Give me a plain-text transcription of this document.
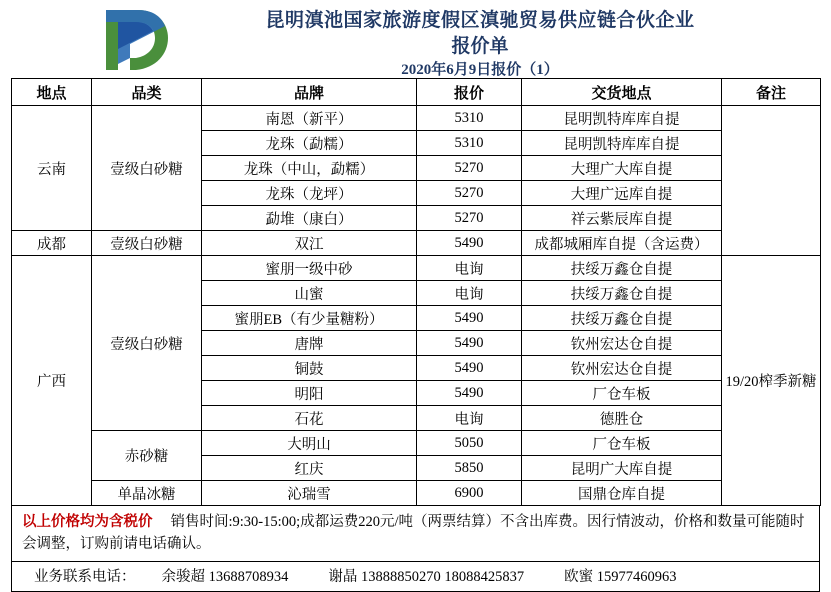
昆明滇池国家旅游度假区滇驰贸易供应链合伙企业
报价单
2020年6月9日报价（1）
地点	品类	品牌	报价	交货地点	备注
云南	壹级白砂糖	南恩（新平）	5310	昆明凯特库库自提	
		龙珠（勐糯）	5310	昆明凯特库库自提	
		龙珠（中山，勐糯）	5270	大理广大库自提	
		龙珠（龙坪）	5270	大理广远库自提	
		勐堆（康白）	5270	祥云紫辰库自提	
成都	壹级白砂糖	双江	5490	成都城厢库自提（含运费）	
广西	壹级白砂糖	蜜朋一级中砂	电询	扶绥万鑫仓自提	19/20榨季新糖
		山蜜	电询	扶绥万鑫仓自提	
		蜜朋EB（有少量糖粉）	5490	扶绥万鑫仓自提	
		唐牌	5490	钦州宏达仓自提	
		铜鼓	5490	钦州宏达仓自提	
		明阳	5490	厂仓车板	
		石花	电询	德胜仓	
	赤砂糖	大明山	5050	厂仓车板	
		红庆	5850	昆明广大库自提	
	单晶冰糖	沁瑞雪	6900	国鼎仓库自提	
以上价格均为含税价 销售时间:9:30-15:00;成都运费220元/吨（两票结算）不含出库费。因行情波动，价格和数量可能随时会调整，订购前请电话确认。
业务联系电话： 余骏超 13688708934	谢晶 13888850270 18088425837	欧蜜 15977460963
